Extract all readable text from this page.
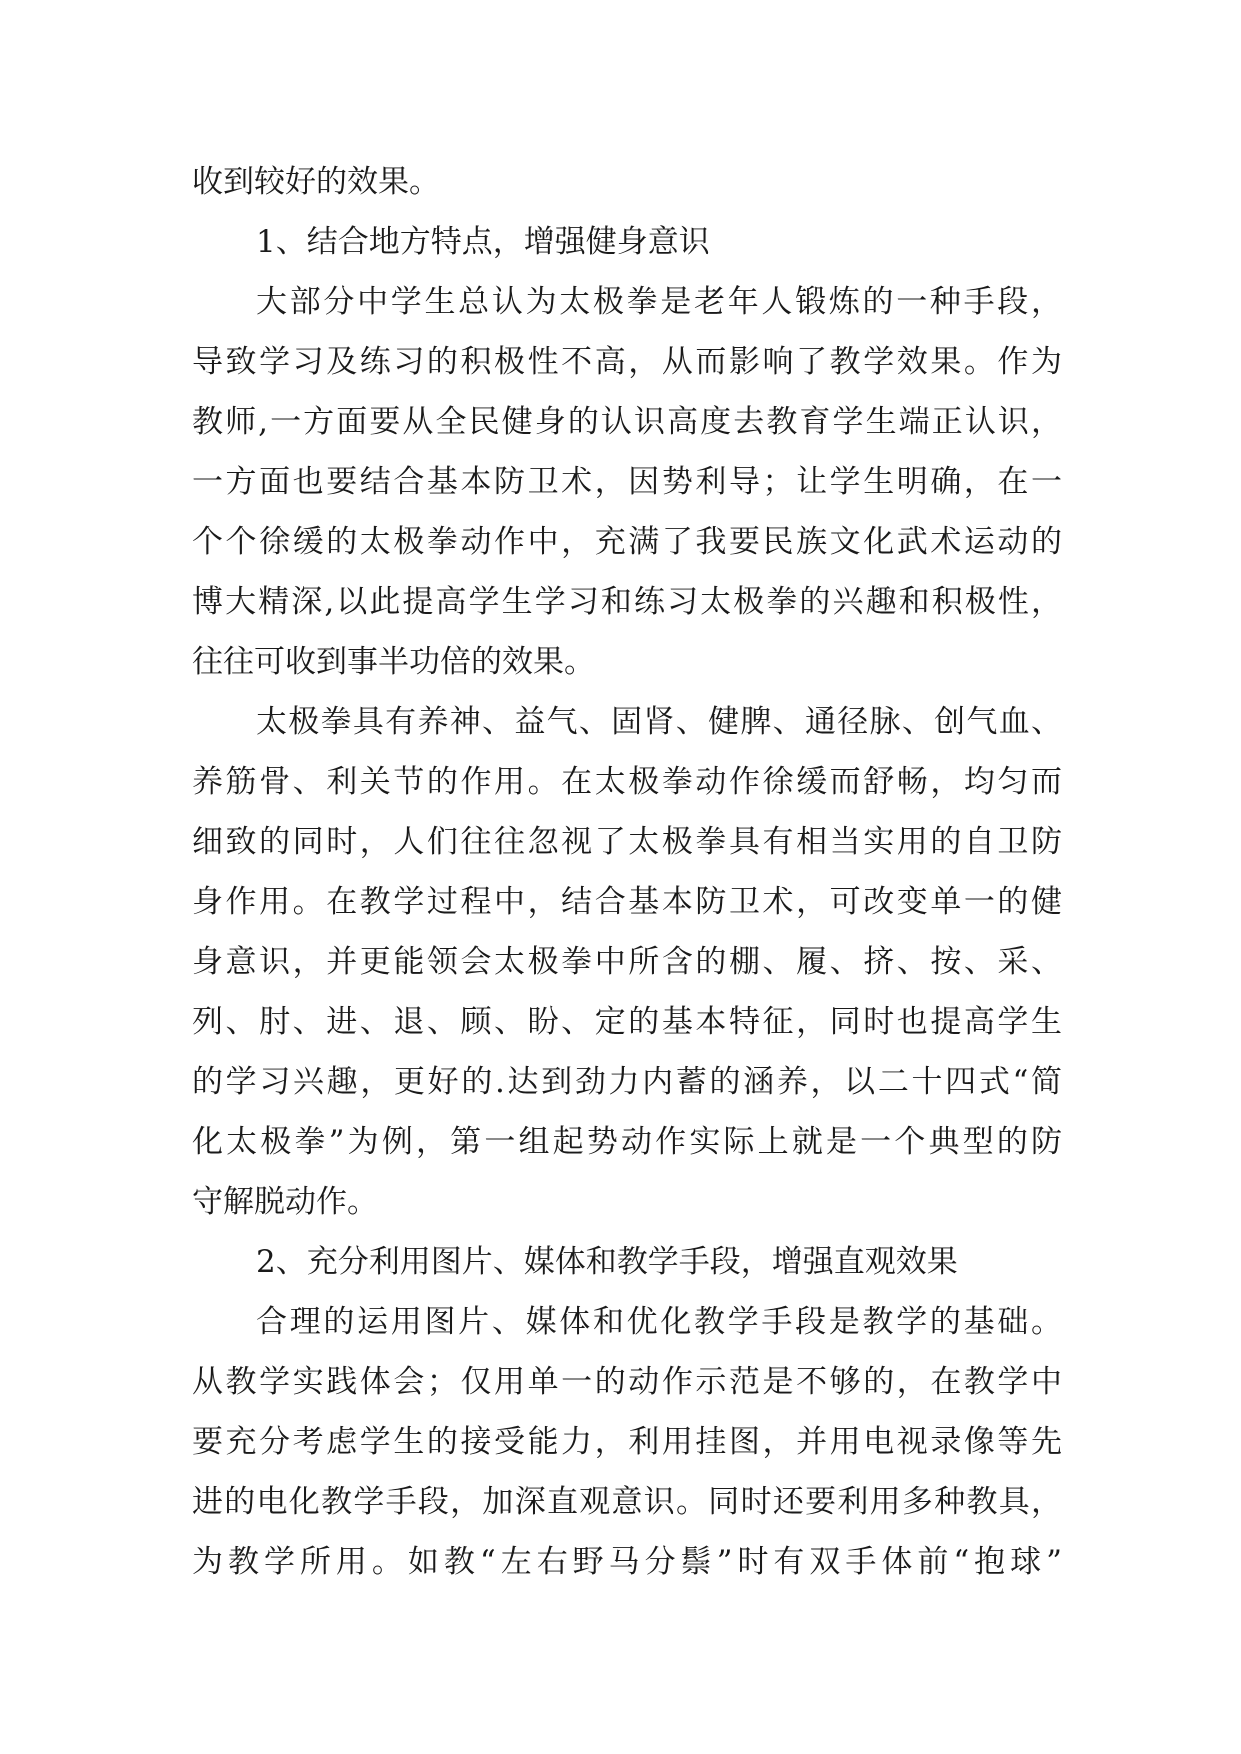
收到较好的效果。
1、结合地方特点，增强健身意识
大部分中学生总认为太极拳是老年人锻炼的一种手段，
导致学习及练习的积极性不高，从而影响了教学效果。作为
教师,一方面要从全民健身的认识高度去教育学生端正认识，
一方面也要结合基本防卫术，因势利导；让学生明确，在一
个个徐缓的太极拳动作中，充满了我要民族文化武术运动的
博大精深,以此提高学生学习和练习太极拳的兴趣和积极性，
往往可收到事半功倍的效果。
太极拳具有养神、益气、固肾、健脾、通径脉、创气血、
养筋骨、利关节的作用。在太极拳动作徐缓而舒畅，均匀而
细致的同时，人们往往忽视了太极拳具有相当实用的自卫防
身作用。在教学过程中，结合基本防卫术，可改变单一的健
身意识，并更能领会太极拳中所含的棚、履、挤、按、采、
列、肘、进、退、顾、盼、定的基本特征，同时也提高学生
的学习兴趣，更好的.达到劲力内蓄的涵养，以二十四式“简
化太极拳”为例，第一组起势动作实际上就是一个典型的防
守解脱动作。
2、充分利用图片、媒体和教学手段，增强直观效果
合理的运用图片、媒体和优化教学手段是教学的基础。
从教学实践体会；仅用单一的动作示范是不够的，在教学中
要充分考虑学生的接受能力，利用挂图，并用电视录像等先
进的电化教学手段，加深直观意识。同时还要利用多种教具，
为教学所用。如教“左右野马分鬃”时有双手体前“抱球”
